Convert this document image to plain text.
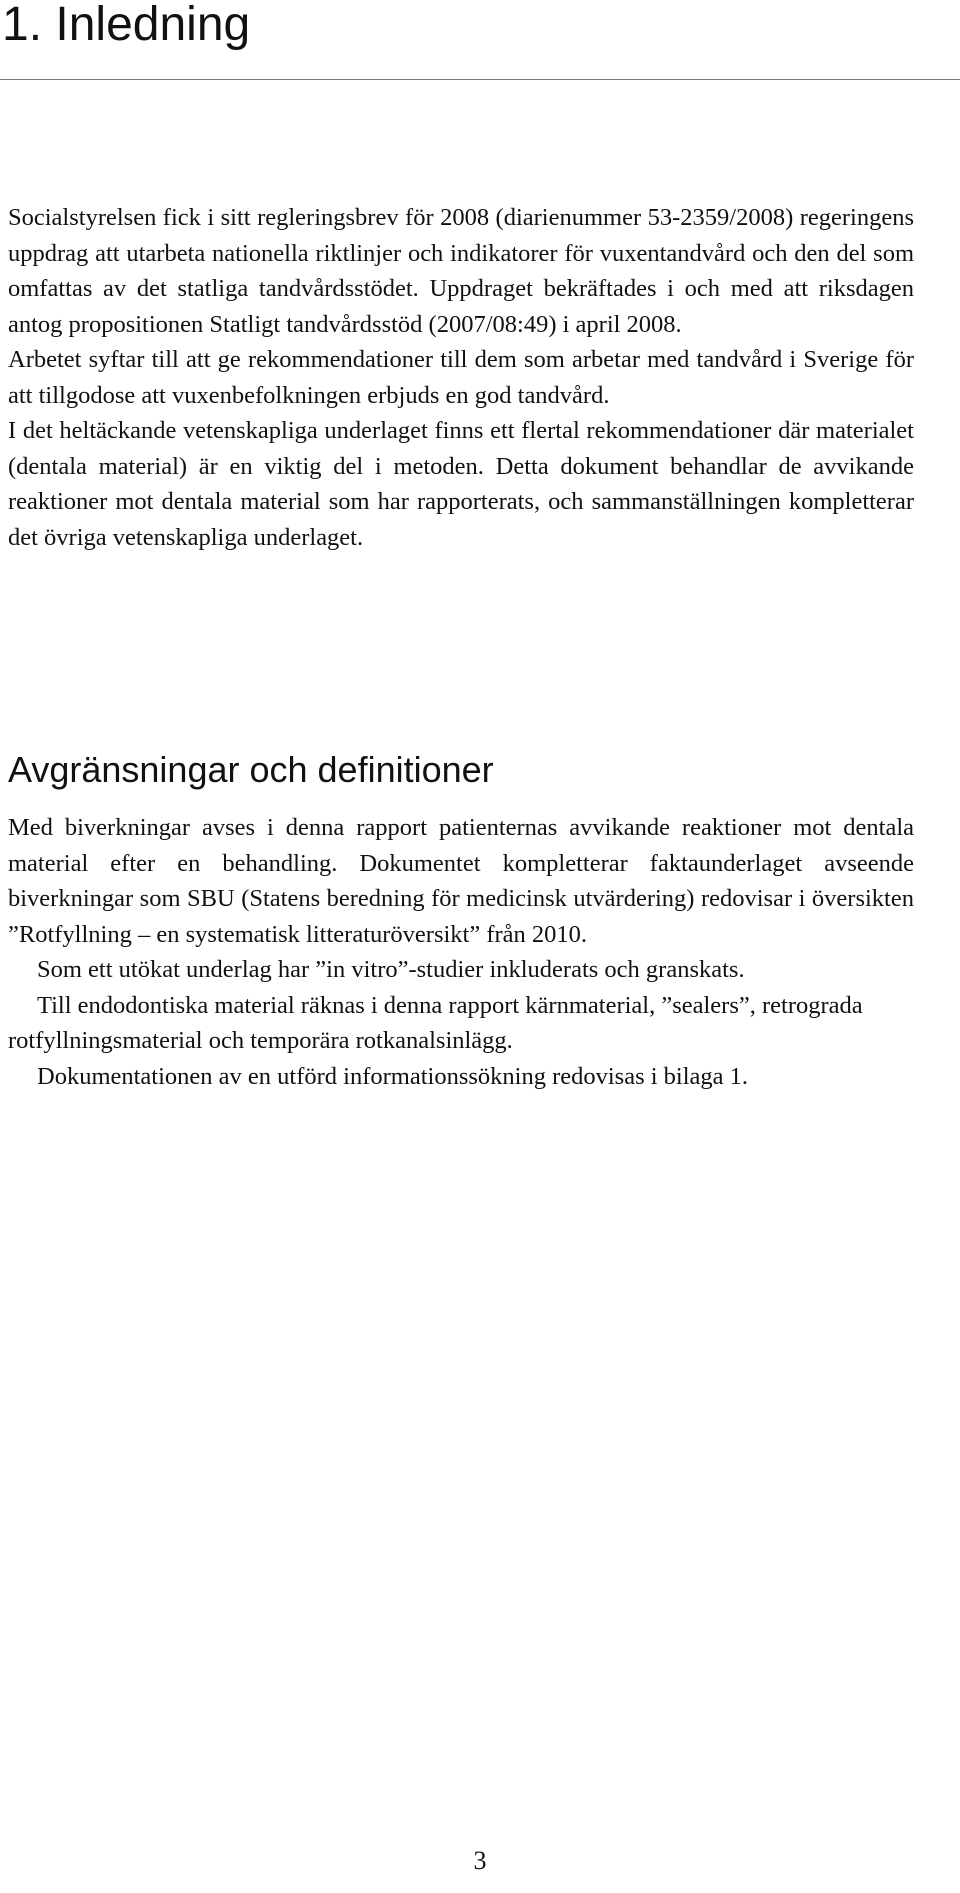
1. Inledning

Socialstyrelsen fick i sitt regleringsbrev för 2008 (diarienummer 53-2359/2008) regeringens uppdrag att utarbeta nationella riktlinjer och indikatorer för vuxentandvård och den del som omfattas av det statliga tandvårdsstödet. Uppdraget bekräftades i och med att riksdagen antog propositionen Statligt tandvårdsstöd (2007/08:49) i april 2008.

Arbetet syftar till att ge rekommendationer till dem som arbetar med tandvård i Sverige för att tillgodose att vuxenbefolkningen erbjuds en god tandvård.

I det heltäckande vetenskapliga underlaget finns ett flertal rekommendationer där materialet (dentala material) är en viktig del i metoden. Detta dokument behandlar de avvikande reaktioner mot dentala material som har rapporterats, och sammanställningen kompletterar det övriga vetenskapliga underlaget.

Avgränsningar och definitioner

Med biverkningar avses i denna rapport patienternas avvikande reaktioner mot dentala material efter en behandling. Dokumentet kompletterar faktaunderlaget avseende biverkningar som SBU (Statens beredning för medicinsk utvärdering) redovisar i översikten ”Rotfyllning – en systematisk litteraturöversikt” från 2010.

Som ett utökat underlag har ”in vitro”-studier inkluderats och granskats.

Till endodontiska material räknas i denna rapport kärnmaterial, ”sealers”, retrograda rotfyllningsmaterial och temporära rotkanalsinlägg.

Dokumentationen av en utförd informationssökning redovisas i bilaga 1.

3
